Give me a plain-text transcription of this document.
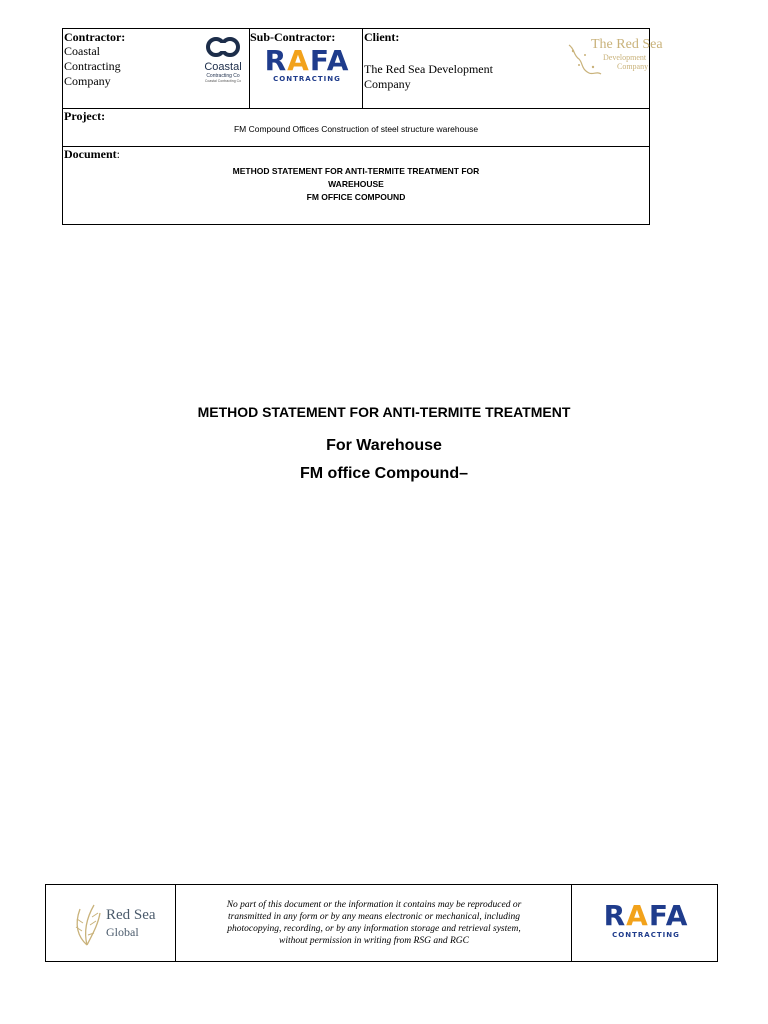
Contractor:
Coastal
Contracting
Company
Coastal
Contracting Co
Coastal Contracting Co
Sub-Contractor:
RAFA
CONTRACTING
Client:
The Red Sea Development
Company
The Red Sea
Development
Company
Project:
FM Compound Offices Construction of steel structure warehouse
Document:
METHOD STATEMENT FOR ANTI-TERMITE TREATMENT FOR
WAREHOUSE
FM OFFICE COMPOUND
METHOD STATEMENT FOR ANTI-TERMITE TREATMENT
For Warehouse
FM office Compound–
Red Sea
Global
No part of this document or the information it contains may be reproduced or
transmitted in any form or by any means electronic or mechanical, including
photocopying, recording, or by any information storage and retrieval system,
without permission in writing from RSG and RGC
RAFA
CONTRACTING
